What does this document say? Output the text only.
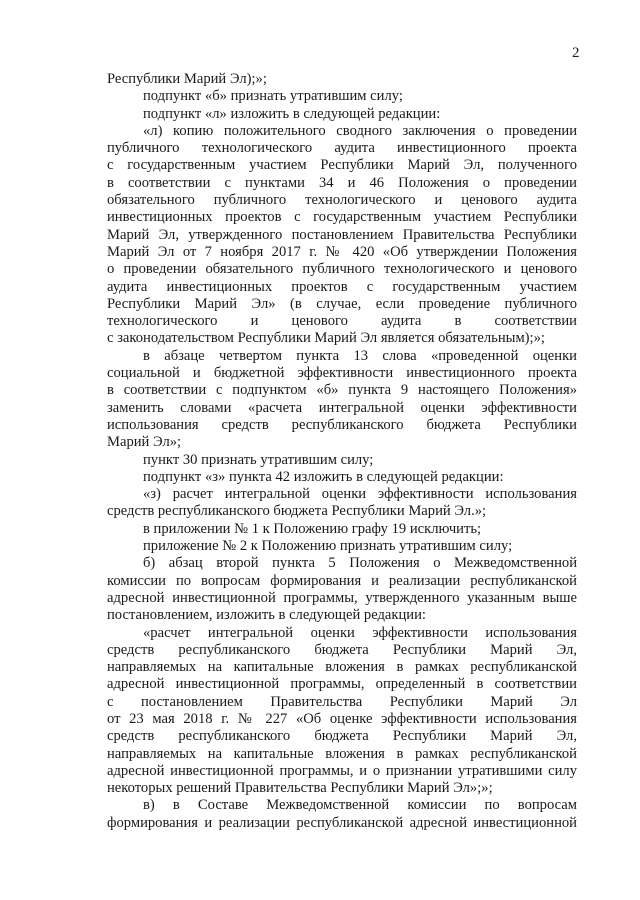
2
Республики Марий Эл);»;
подпункт «б» признать утратившим силу;
подпункт «л» изложить в следующей редакции:
«л) копию положительного сводного заключения о проведении
публичного технологического аудита инвестиционного проекта
с государственным участием Республики Марий Эл, полученного
в соответствии с пунктами 34 и 46 Положения о проведении
обязательного публичного технологического и ценового аудита
инвестиционных проектов с государственным участием Республики
Марий Эл, утвержденного постановлением Правительства Республики
Марий Эл от 7 ноября 2017 г. № 420 «Об утверждении Положения
о проведении обязательного публичного технологического и ценового
аудита инвестиционных проектов с государственным участием
Республики Марий Эл» (в случае, если проведение публичного
технологического и ценового аудита в соответствии
с законодательством Республики Марий Эл является обязательным);»;
в абзаце четвертом пункта 13 слова «проведенной оценки
социальной и бюджетной эффективности инвестиционного проекта
в соответствии с подпунктом «б» пункта 9 настоящего Положения»
заменить словами «расчета интегральной оценки эффективности
использования средств республиканского бюджета Республики
Марий Эл»;
пункт 30 признать утратившим силу;
подпункт «з» пункта 42 изложить в следующей редакции:
«з) расчет интегральной оценки эффективности использования
средств республиканского бюджета Республики Марий Эл.»;
в приложении № 1 к Положению графу 19 исключить;
приложение № 2 к Положению признать утратившим силу;
б) абзац второй пункта 5 Положения о Межведомственной
комиссии по вопросам формирования и реализации республиканской
адресной инвестиционной программы, утвержденного указанным выше
постановлением, изложить в следующей редакции:
«расчет интегральной оценки эффективности использования
средств республиканского бюджета Республики Марий Эл,
направляемых на капитальные вложения в рамках республиканской
адресной инвестиционной программы, определенный в соответствии
с постановлением Правительства Республики Марий Эл
от 23 мая 2018 г. № 227 «Об оценке эффективности использования
средств республиканского бюджета Республики Марий Эл,
направляемых на капитальные вложения в рамках республиканской
адресной инвестиционной программы, и о признании утратившими силу
некоторых решений Правительства Республики Марий Эл»;»;
в) в Составе Межведомственной комиссии по вопросам
формирования и реализации республиканской адресной инвестиционной
